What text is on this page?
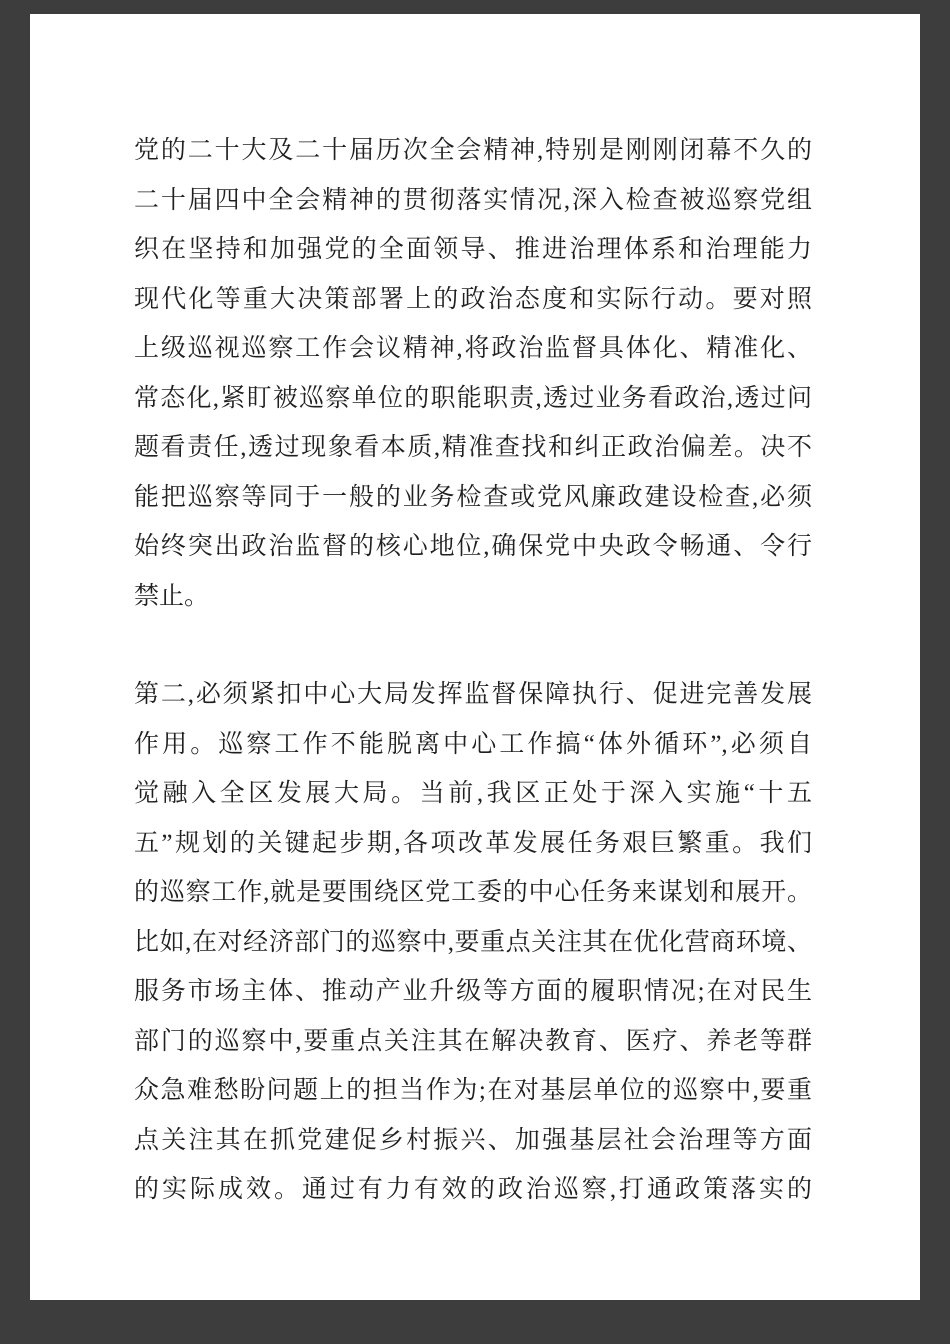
党的二十大及二十届历次全会精神,特别是刚刚闭幕不久的
二十届四中全会精神的贯彻落实情况,深入检查被巡察党组
织在坚持和加强党的全面领导、推进治理体系和治理能力
现代化等重大决策部署上的政治态度和实际行动。要对照
上级巡视巡察工作会议精神,将政治监督具体化、精准化、
常态化,紧盯被巡察单位的职能职责,透过业务看政治,透过问
题看责任,透过现象看本质,精准查找和纠正政治偏差。决不
能把巡察等同于一般的业务检查或党风廉政建设检查,必须
始终突出政治监督的核心地位,确保党中央政令畅通、令行
禁止。
第二,必须紧扣中心大局发挥监督保障执行、促进完善发展
作用。巡察工作不能脱离中心工作搞“体外循环”,必须自
觉融入全区发展大局。当前,我区正处于深入实施“十五
五”规划的关键起步期,各项改革发展任务艰巨繁重。我们
的巡察工作,就是要围绕区党工委的中心任务来谋划和展开。
比如,在对经济部门的巡察中,要重点关注其在优化营商环境、
服务市场主体、推动产业升级等方面的履职情况;在对民生
部门的巡察中,要重点关注其在解决教育、医疗、养老等群
众急难愁盼问题上的担当作为;在对基层单位的巡察中,要重
点关注其在抓党建促乡村振兴、加强基层社会治理等方面
的实际成效。通过有力有效的政治巡察,打通政策落实的
